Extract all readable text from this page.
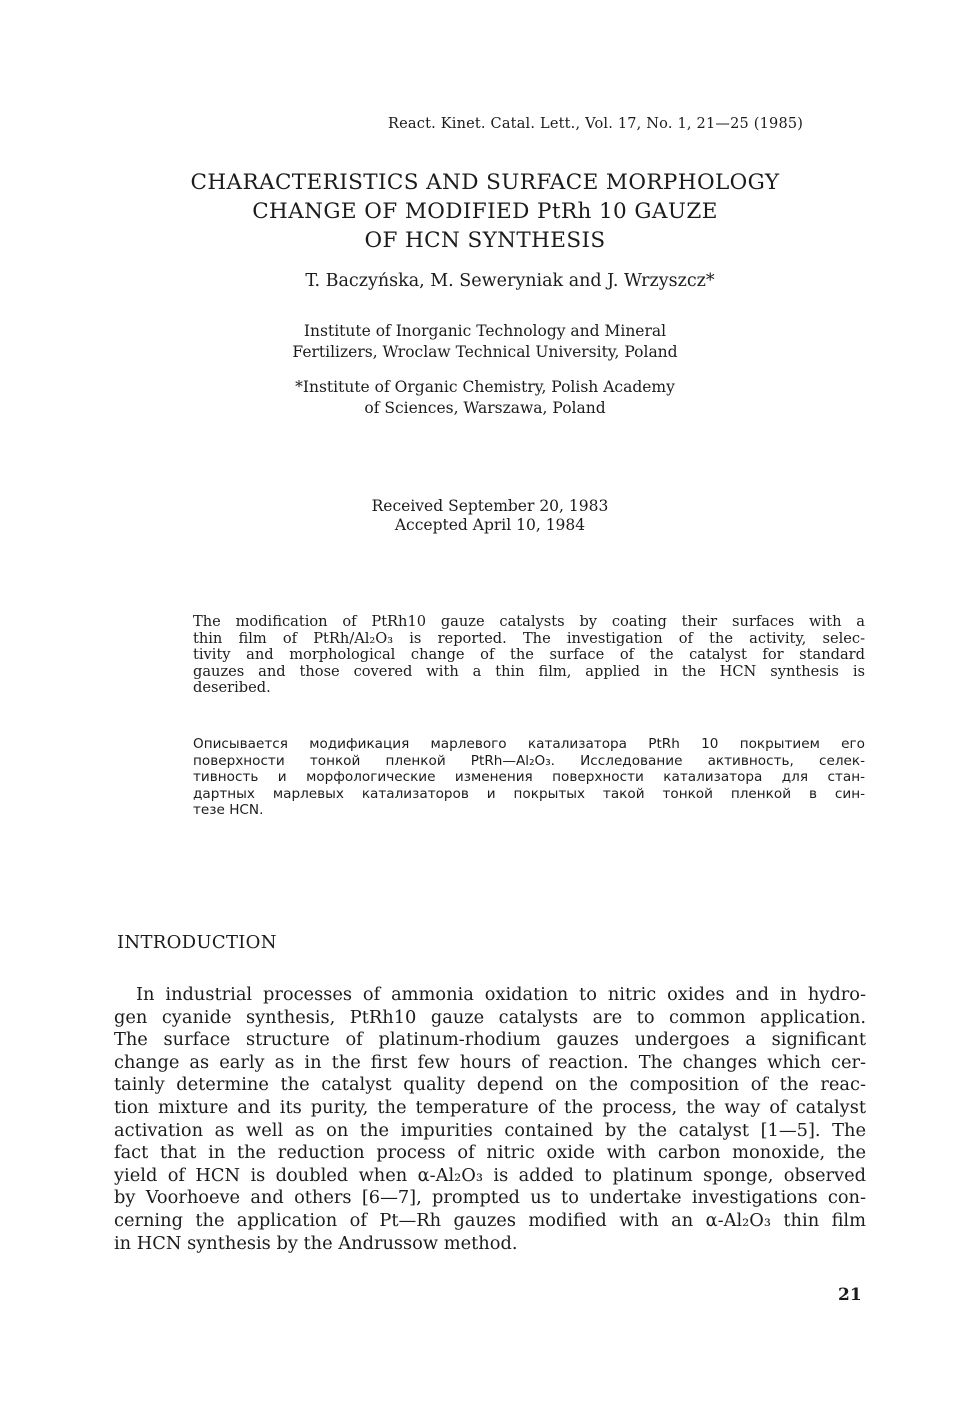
React. Kinet. Catal. Lett., Vol. 17, No. 1, 21—25 (1985)
CHARACTERISTICS AND SURFACE MORPHOLOGY
CHANGE OF MODIFIED PtRh 10 GAUZE
OF HCN SYNTHESIS
T. Baczyńska, M. Seweryniak and J. Wrzyszcz*
Institute of Inorganic Technology and Mineral
Fertilizers, Wroclaw Technical University, Poland
*Institute of Organic Chemistry, Polish Academy
of Sciences, Warszawa, Poland
Received September 20, 1983
Accepted April 10, 1984
The modification of PtRh10 gauze catalysts by coating their surfaces with a
thin film of PtRh/Al₂O₃ is reported. The investigation of the activity, selec-
tivity and morphological change of the surface of the catalyst for standard
gauzes and those covered with a thin film, applied in the HCN synthesis is
deseribed.
Описывается модификация марлевого катализатора PtRh 10 покрытием его
поверхности тонкой пленкой PtRh—Al₂O₃. Исследование активность, селек-
тивность и морфологические изменения поверхности катализатора для стан-
дартных марлевых катализаторов и покрытых такой тонкой пленкой в син-
тезе HCN.
INTRODUCTION
In industrial processes of ammonia oxidation to nitric oxides and in hydro-
gen cyanide synthesis, PtRh10 gauze catalysts are to common application.
The surface structure of platinum-rhodium gauzes undergoes a significant
change as early as in the first few hours of reaction. The changes which cer-
tainly determine the catalyst quality depend on the composition of the reac-
tion mixture and its purity, the temperature of the process, the way of catalyst
activation as well as on the impurities contained by the catalyst [1—5]. The
fact that in the reduction process of nitric oxide with carbon monoxide, the
yield of HCN is doubled when α-Al₂O₃ is added to platinum sponge, observed
by Voorhoeve and others [6—7], prompted us to undertake investigations con-
cerning the application of Pt—Rh gauzes modified with an α-Al₂O₃ thin film
in HCN synthesis by the Andrussow method.
21
